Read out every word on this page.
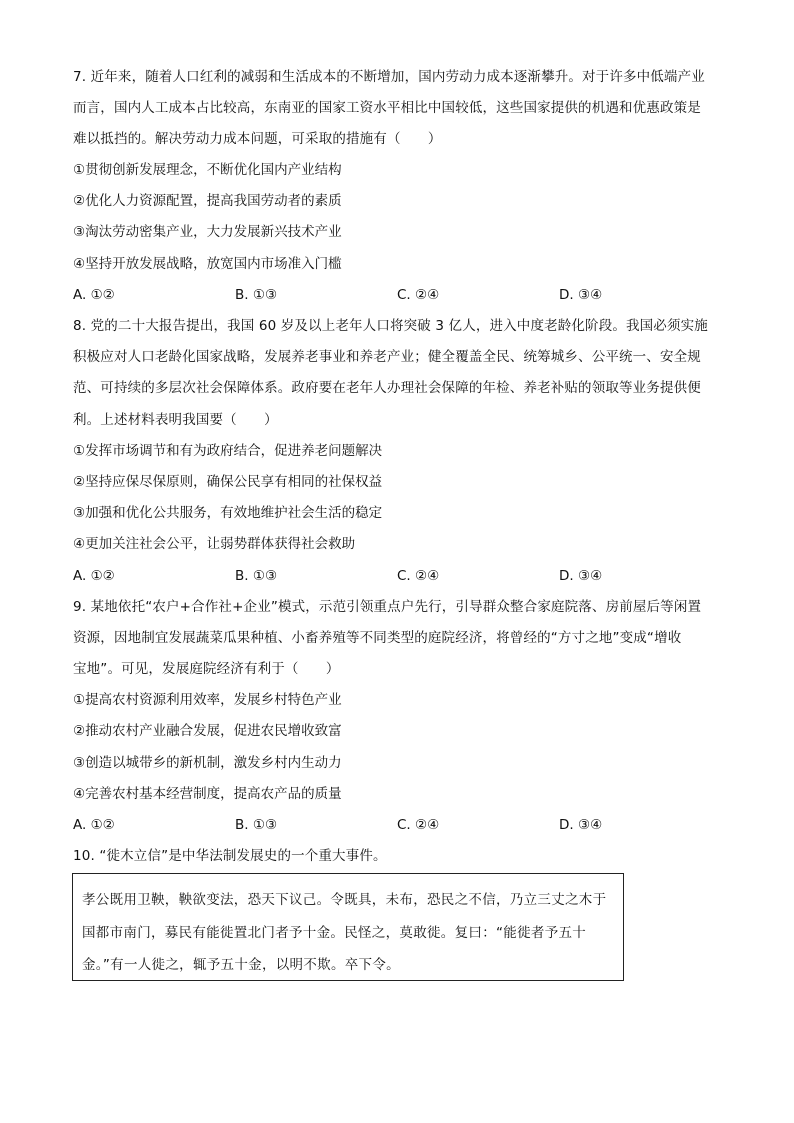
7. 近年来，随着人口红利的减弱和生活成本的不断增加，国内劳动力成本逐渐攀升。对于许多中低端产业
而言，国内人工成本占比较高，东南亚的国家工资水平相比中国较低，这些国家提供的机遇和优惠政策是
难以抵挡的。解决劳动力成本问题，可采取的措施有（　　）
①贯彻创新发展理念，不断优化国内产业结构
②优化人力资源配置，提高我国劳动者的素质
③淘汰劳动密集产业，大力发展新兴技术产业
④坚持开放发展战略，放宽国内市场准入门槛
A. ①②	B. ①③	C. ②④	D. ③④
8. 党的二十大报告提出，我国 60 岁及以上老年人口将突破 3 亿人，进入中度老龄化阶段。我国必须实施
积极应对人口老龄化国家战略，发展养老事业和养老产业；健全覆盖全民、统筹城乡、公平统一、安全规
范、可持续的多层次社会保障体系。政府要在老年人办理社会保障的年检、养老补贴的领取等业务提供便
利。上述材料表明我国要（　　）
①发挥市场调节和有为政府结合，促进养老问题解决
②坚持应保尽保原则，确保公民享有相同的社保权益
③加强和优化公共服务，有效地维护社会生活的稳定
④更加关注社会公平，让弱势群体获得社会救助
A. ①②	B. ①③	C. ②④	D. ③④
9. 某地依托“农户+合作社+企业”模式，示范引领重点户先行，引导群众整合家庭院落、房前屋后等闲置
资源，因地制宜发展蔬菜瓜果种植、小畜养殖等不同类型的庭院经济，将曾经的“方寸之地”变成“增收
宝地”。可见，发展庭院经济有利于（　　）
①提高农村资源利用效率，发展乡村特色产业
②推动农村产业融合发展，促进农民增收致富
③创造以城带乡的新机制，激发乡村内生动力
④完善农村基本经营制度，提高农产品的质量
A. ①②	B. ①③	C. ②④	D. ③④
10. “徙木立信”是中华法制发展史的一个重大事件。
孝公既用卫鞅，鞅欲变法，恐天下议己。令既具，未布，恐民之不信，乃立三丈之木于
国都市南门，募民有能徙置北门者予十金。民怪之，莫敢徙。复曰：“能徙者予五十
金。”有一人徙之，辄予五十金，以明不欺。卒下令。
